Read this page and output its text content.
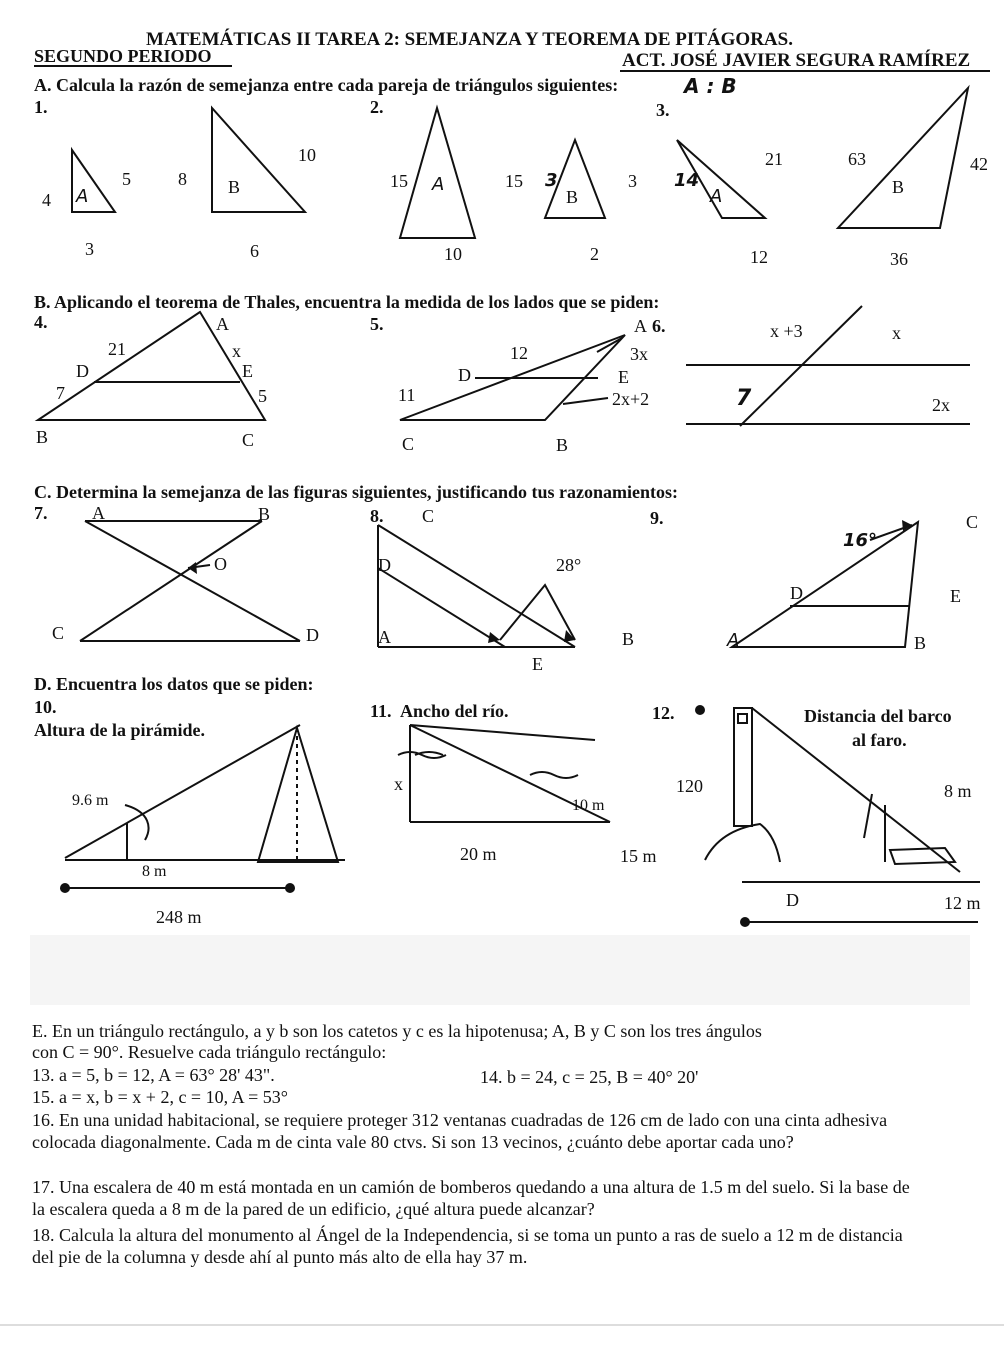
MATEMÁTICAS II TAREA 2: SEMEJANZA Y TEOREMA DE PITÁGORAS.
SEGUNDO PERIODO	ACT. JOSÉ JAVIER SEGURA RAMÍREZ
A. Calcula la razón de semejanza entre cada pareja de triángulos siguientes:	A : B
1.
5
4
3
A
8
10
6
B
2.
15
10
A	15 3	3
2
B
3.
14
21
12
A
63	42
36
B
B. Aplicando el teorema de Thales, encuentra la medida de los lados que se piden:
4.	A
21	x
D	E
7	5
B	C
5.	A
12	3x
D	E
11	2x+2
C	B
6.	x +3	x
7	2x
C. Determina la semejanza de las figuras siguientes, justificando tus razonamientos:
7. A	B
O
C	D
8. C
D	28°
A	B
E
9.	C
16°
D	E
A	B
D. Encuentra los datos que se piden:
10.
Altura de la pirámide.
9.6 m
8 m
248 m
11. Ancho del río.
x
10 m
20 m	15 m
12.	Distancia del barco
al faro.
120	8 m
D	12 m
E. En un triángulo rectángulo, a y b son los catetos y c es la hipotenusa; A, B y C son los tres ángulos
con C = 90°. Resuelve cada triángulo rectángulo:
13. a = 5, b = 12, A = 63° 28' 43".	14. b = 24, c = 25, B = 40° 20'
15. a = x, b = x + 2, c = 10, A = 53°
16. En una unidad habitacional, se requiere proteger 312 ventanas cuadradas de 126 cm de lado con una cinta adhesiva colocada diagonalmente. Cada m de cinta vale 80 ctvs. Si son 13 vecinos, ¿cuánto debe aportar cada uno?
17. Una escalera de 40 m está montada en un camión de bomberos quedando a una altura de 1.5 m del suelo. Si la base de la escalera queda a 8 m de la pared de un edificio, ¿qué altura puede alcanzar?
18. Calcula la altura del monumento al Ángel de la Independencia, si se toma un punto a ras de suelo a 12 m de distancia del pie de la columna y desde ahí al punto más alto de ella hay 37 m.
